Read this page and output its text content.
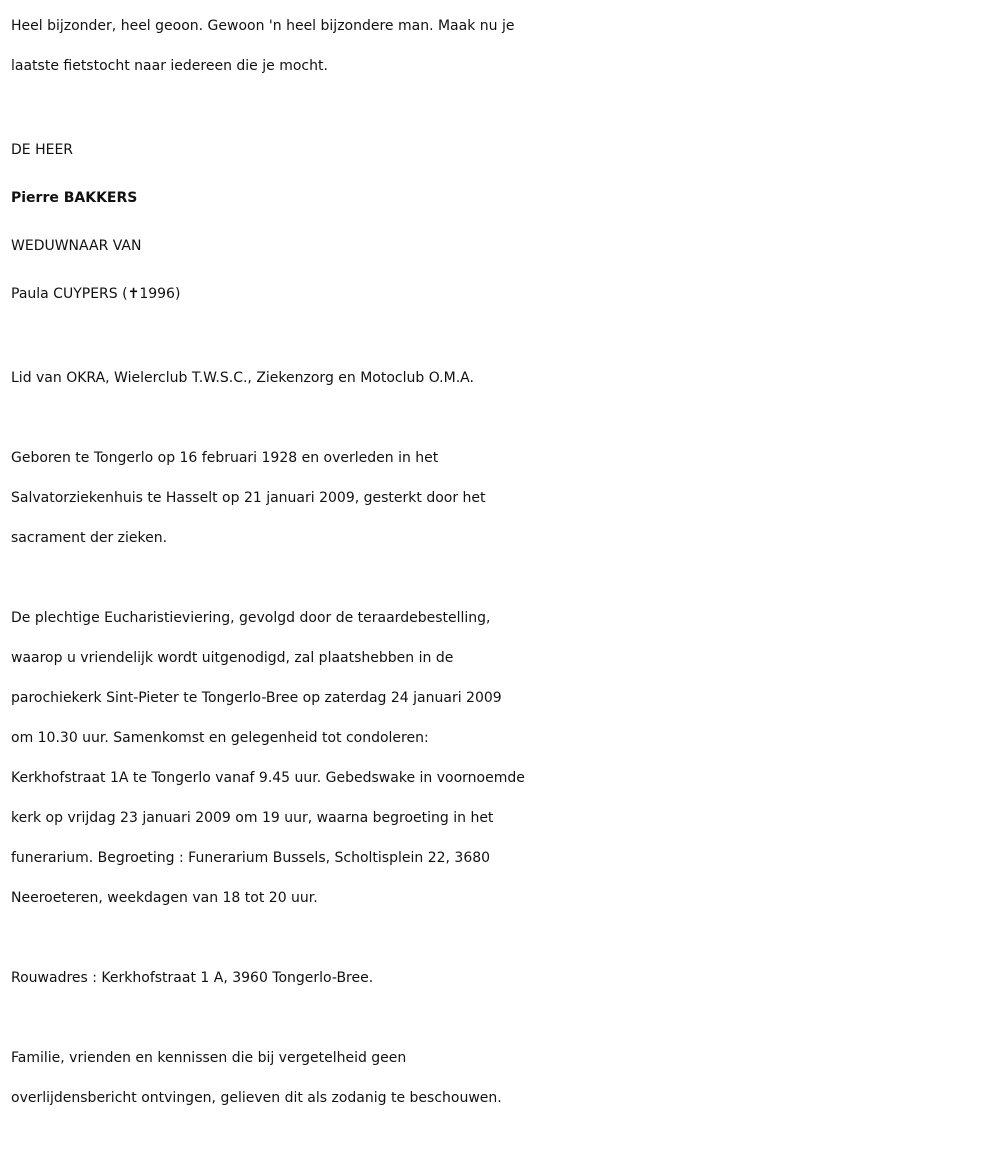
Heel bijzonder, heel geoon. Gewoon 'n heel bijzondere man. Maak nu je

laatste fietstocht naar iedereen die je mocht.

DE HEER

Pierre BAKKERS

WEDUWNAAR VAN

Paula CUYPERS (✝1996)

Lid van OKRA, Wielerclub T.W.S.C., Ziekenzorg en Motoclub O.M.A.

Geboren te Tongerlo op 16 februari 1928 en overleden in het

Salvatorziekenhuis te Hasselt op 21 januari 2009, gesterkt door het

sacrament der zieken.

De plechtige Eucharistieviering, gevolgd door de teraardebestelling,

waarop u vriendelijk wordt uitgenodigd, zal plaatshebben in de

parochiekerk Sint-Pieter te Tongerlo-Bree op zaterdag 24 januari 2009

om 10.30 uur. Samenkomst en gelegenheid tot condoleren:

Kerkhofstraat 1A te Tongerlo vanaf 9.45 uur. Gebedswake in voornoemde

kerk op vrijdag 23 januari 2009 om 19 uur, waarna begroeting in het

funerarium. Begroeting : Funerarium Bussels, Scholtisplein 22, 3680

Neeroeteren, weekdagen van 18 tot 20 uur.

Rouwadres : Kerkhofstraat 1 A, 3960 Tongerlo-Bree.

Familie, vrienden en kennissen die bij vergetelheid geen

overlijdensbericht ontvingen, gelieven dit als zodanig te beschouwen.
